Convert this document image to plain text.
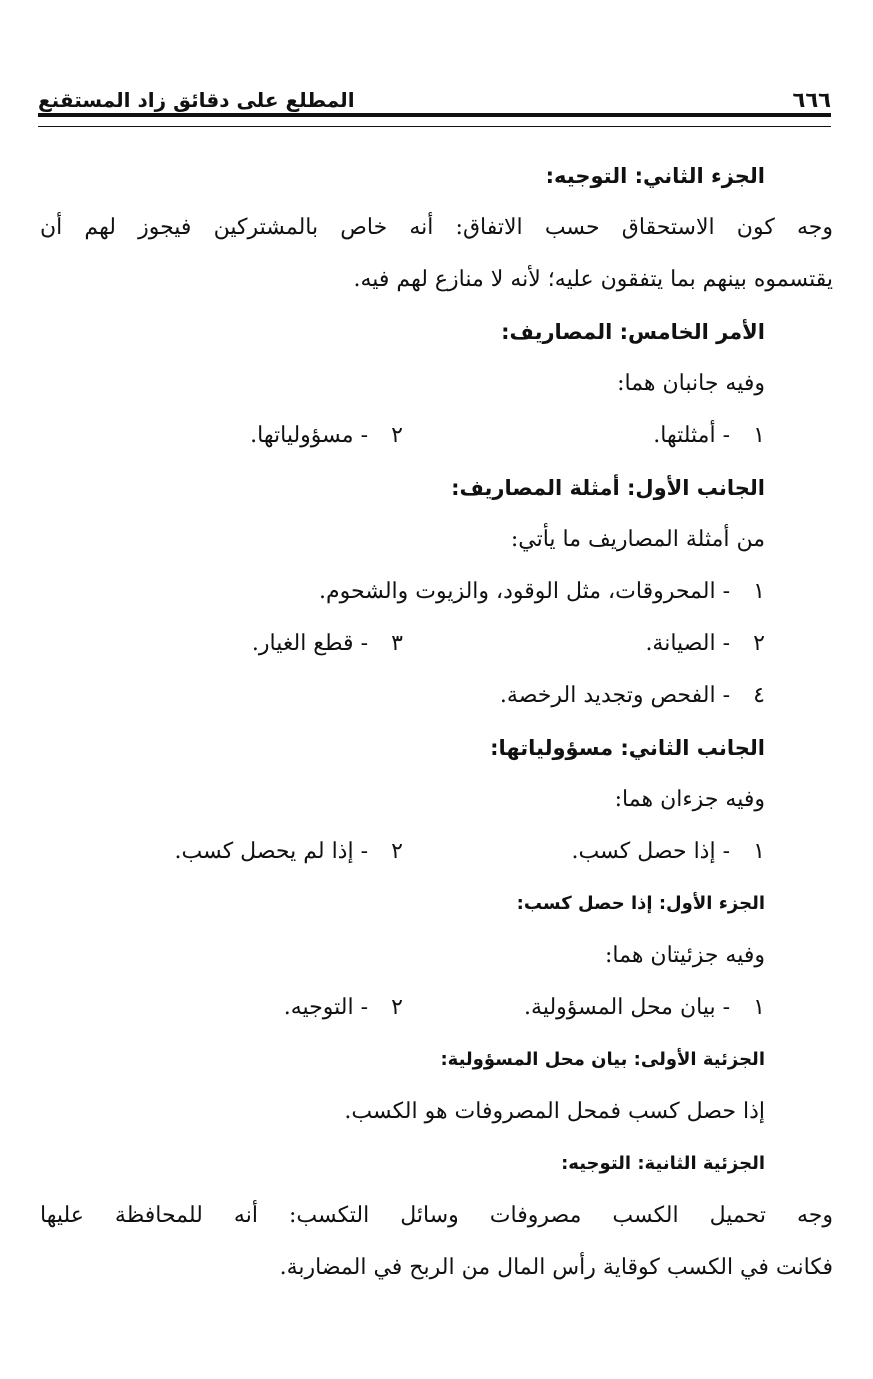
٦٦٦
المطلع على دقائق زاد المستقنع
الجزء الثاني: التوجيه:
وجه كون الاستحقاق حسب الاتفاق: أنه خاص بالمشتركين فيجوز لهم أن
يقتسموه بينهم بما يتفقون عليه؛ لأنه لا منازع لهم فيه.
الأمر الخامس: المصاريف:
وفيه جانبان هما:
١   - أمثلتها.
٢   - مسؤولياتها.
الجانب الأول: أمثلة المصاريف:
من أمثلة المصاريف ما يأتي:
١   - المحروقات، مثل الوقود، والزيوت والشحوم.
٢   - الصيانة.
٣   - قطع الغيار.
٤   - الفحص وتجديد الرخصة.
الجانب الثاني: مسؤولياتها:
وفيه جزءان هما:
١   - إذا حصل كسب.
٢   - إذا لم يحصل كسب.
الجزء الأول: إذا حصل كسب:
وفيه جزئيتان هما:
١   - بيان محل المسؤولية.
٢   - التوجيه.
الجزئية الأولى: بيان محل المسؤولية:
إذا حصل كسب فمحل المصروفات هو الكسب.
الجزئية الثانية: التوجيه:
وجه تحميل الكسب مصروفات وسائل التكسب: أنه للمحافظة عليها
فكانت في الكسب كوقاية رأس المال من الربح في المضاربة.
